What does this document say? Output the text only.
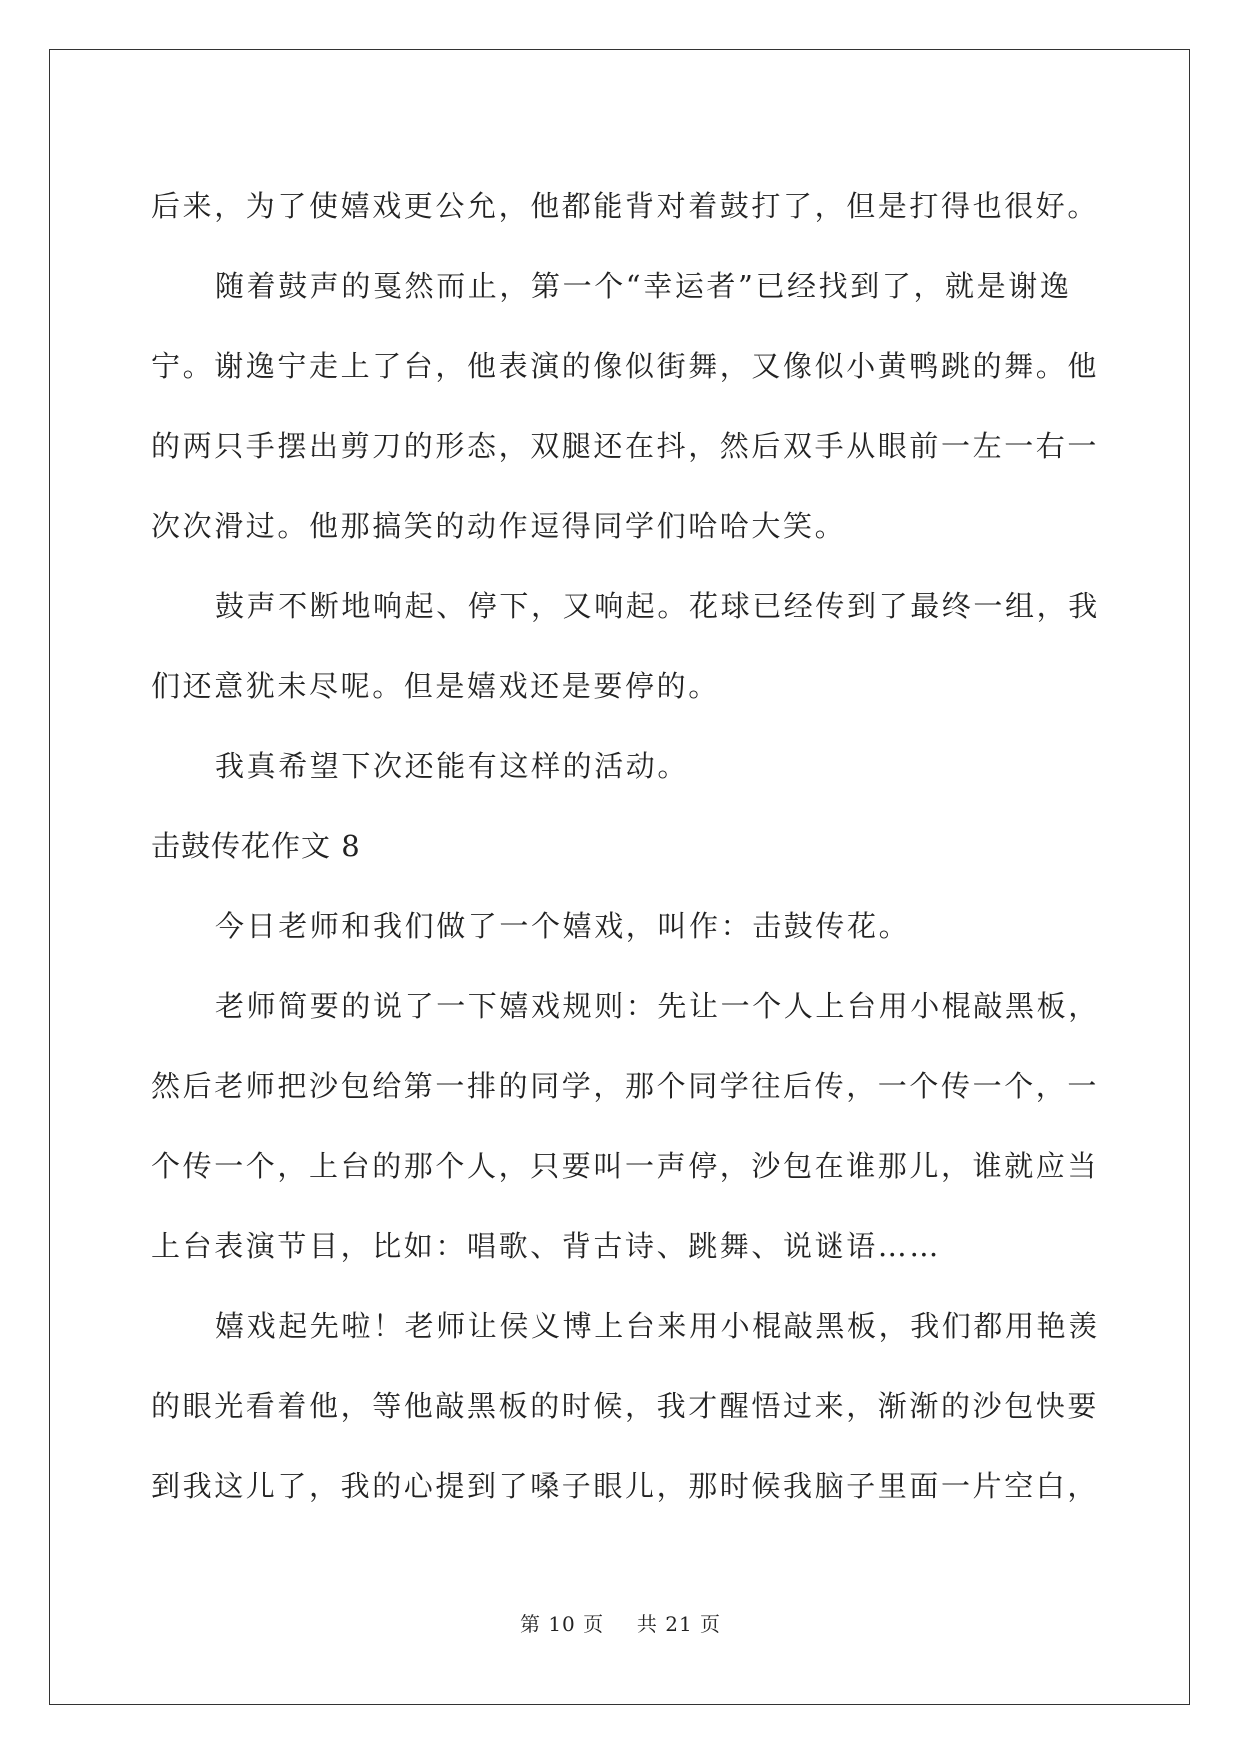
后来，为了使嬉戏更公允，他都能背对着鼓打了，但是打得也很好。
随着鼓声的戛然而止，第一个“幸运者”已经找到了，就是谢逸
宁。谢逸宁走上了台，他表演的像似街舞，又像似小黄鸭跳的舞。他
的两只手摆出剪刀的形态，双腿还在抖，然后双手从眼前一左一右一
次次滑过。他那搞笑的动作逗得同学们哈哈大笑。
鼓声不断地响起、停下，又响起。花球已经传到了最终一组，我
们还意犹未尽呢。但是嬉戏还是要停的。
我真希望下次还能有这样的活动。
击鼓传花作文 8
今日老师和我们做了一个嬉戏，叫作：击鼓传花。
老师简要的说了一下嬉戏规则：先让一个人上台用小棍敲黑板，
然后老师把沙包给第一排的同学，那个同学往后传，一个传一个，一
个传一个，上台的那个人，只要叫一声停，沙包在谁那儿，谁就应当
上台表演节目，比如：唱歌、背古诗、跳舞、说谜语……
嬉戏起先啦！老师让侯义博上台来用小棍敲黑板，我们都用艳羡
的眼光看着他，等他敲黑板的时候，我才醒悟过来，渐渐的沙包快要
到我这儿了，我的心提到了嗓子眼儿，那时候我脑子里面一片空白，
第 10 页 共 21 页
